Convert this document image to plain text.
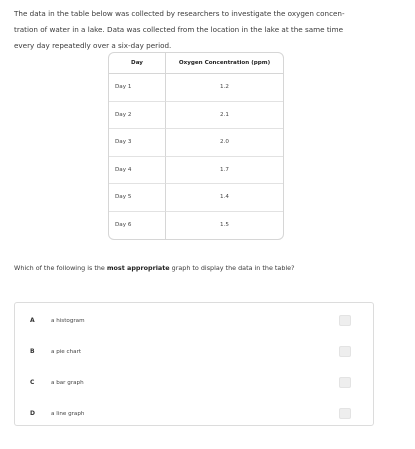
The data in the table below was collected by researchers to investigate the oxygen concen-
tration of water in a lake. Data was collected from the location in the lake at the same time
every day repeatedly over a six-day period.
Day	Oxygen Concentration (ppm)
Day 1	1.2
Day 2	2.1
Day 3	2.0
Day 4	1.7
Day 5	1.4
Day 6	1.5
Which of the following is the most appropriate graph to display the data in the table?
A	a histogram
B	a pie chart
C	a bar graph
D	a line graph
